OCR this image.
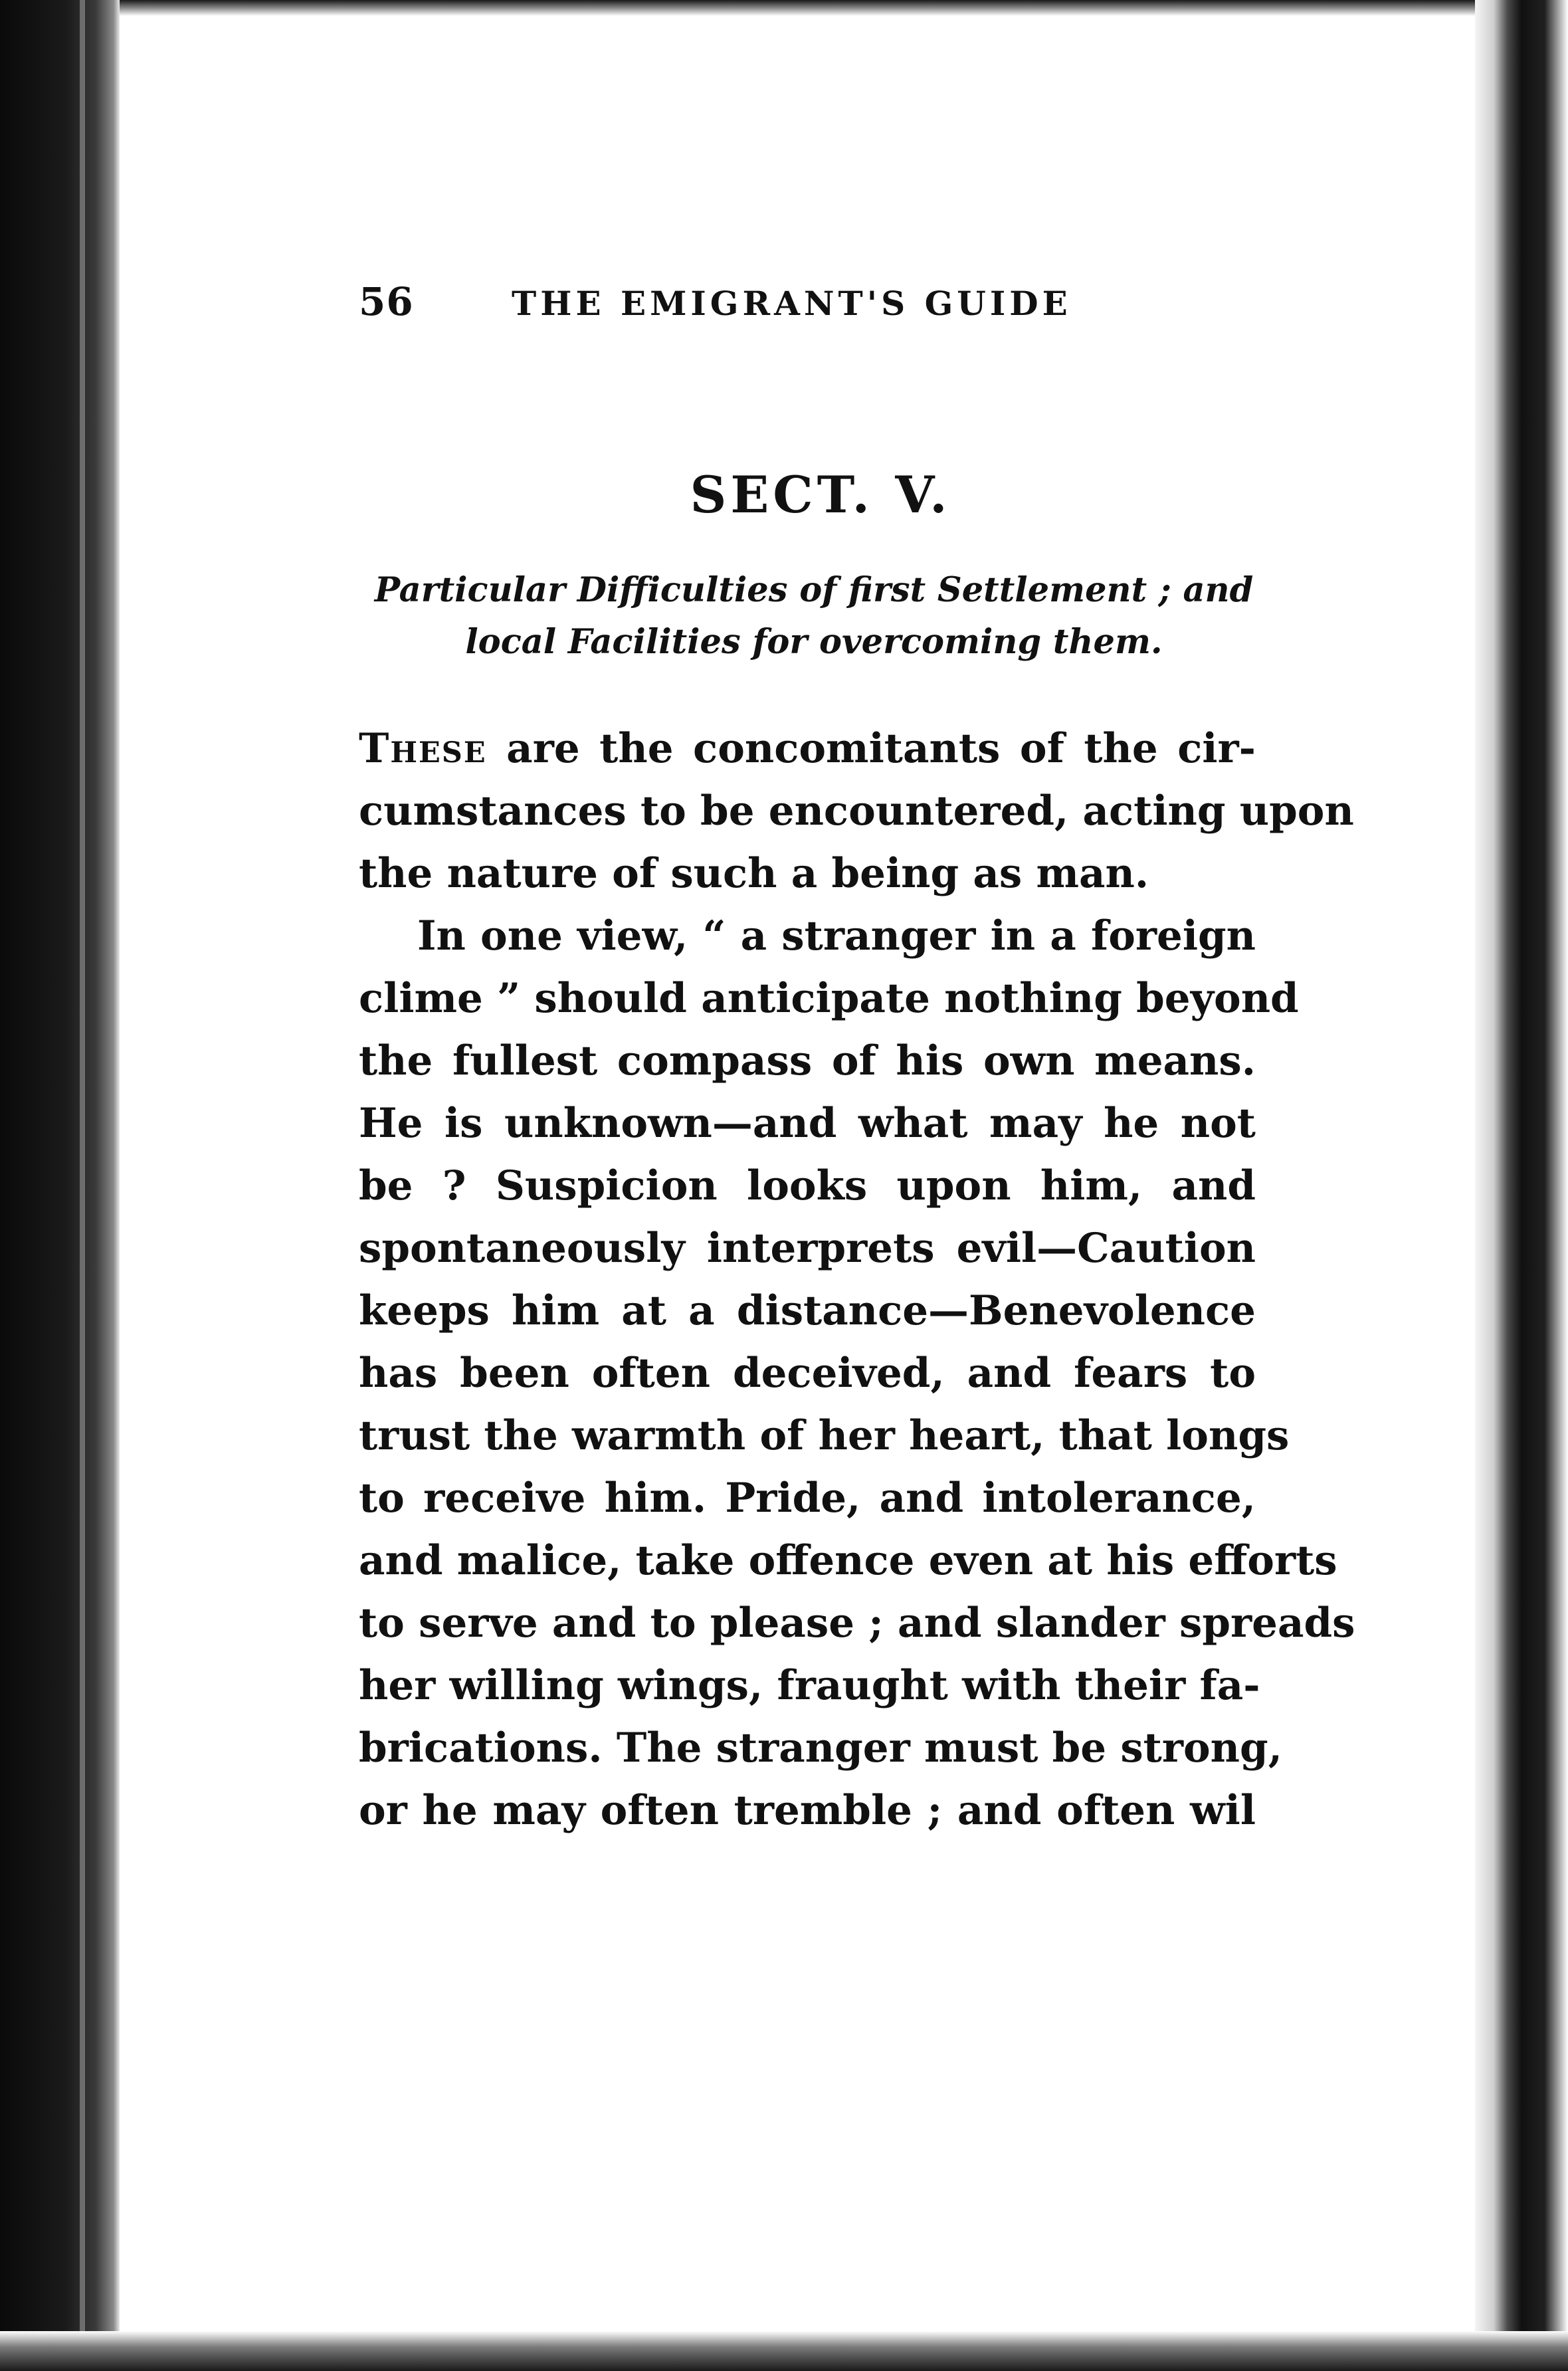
56	THE EMIGRANT'S GUIDE
SECT. V.
Particular Difficulties of first Settlement ; and
local Facilities for overcoming them.
These are the concomitants of the cir-
cumstances to be encountered, acting upon
the nature of such a being as man.
In one view, “ a stranger in a foreign
clime ” should anticipate nothing beyond
the fullest compass of his own means.
He is unknown—and what may he not
be ? Suspicion looks upon him, and
spontaneously interprets evil—Caution
keeps him at a distance—Benevolence
has been often deceived, and fears to
trust the warmth of her heart, that longs
to receive him. Pride, and intolerance,
and malice, take offence even at his efforts
to serve and to please ; and slander spreads
her willing wings, fraught with their fa-
brications. The stranger must be strong,
or he may often tremble ; and often wil
